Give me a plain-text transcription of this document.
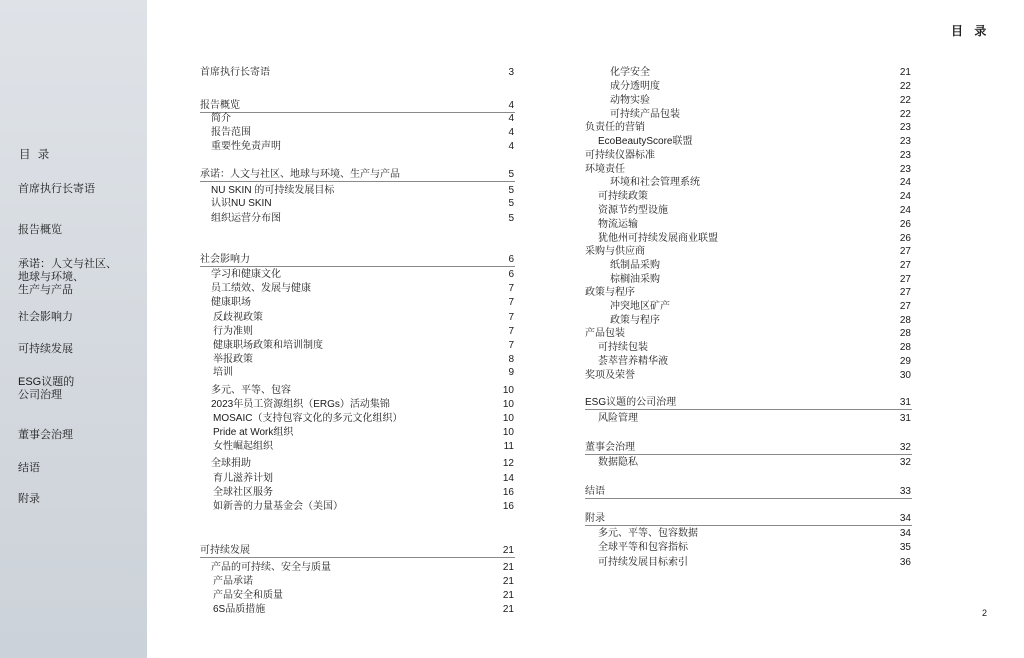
目 录
首席执行长寄语
报告概览
承诺：人文与社区、
地球与环境、
生产与产品
社会影响力
可持续发展
ESG议题的
公司治理
董事会治理
结语
附录
目 录
首席执行长寄语	3
报告概览	4
简介	4
报告范围	4
重要性免责声明	4
承诺：人文与社区、地球与环境、生产与产品	5
NU SKIN 的可持续发展目标	5
认识NU SKIN	5
组织运营分布图	5
社会影响力	6
学习和健康文化	6
员工绩效、发展与健康	7
健康职场	7
反歧视政策	7
行为准则	7
健康职场政策和培训制度	7
举报政策	8
培训	9
多元、平等、包容	10
2023年员工资源组织（ERGs）活动集锦	10
MOSAIC（支持包容文化的多元文化组织）	10
Pride at Work组织	10
女性崛起组织	11
全球捐助	12
育儿滋养计划	14
全球社区服务	16
如新善的力量基金会（美国）	16
可持续发展	21
产品的可持续、安全与质量	21
产品承诺	21
产品安全和质量	21
6S品质措施	21
化学安全	21
成分透明度	22
动物实验	22
可持续产品包装	22
负责任的营销	23
EcoBeautyScore联盟	23
可持续仪器标准	23
环境责任	23
环境和社会管理系统	24
可持续政策	24
资源节约型设施	24
物流运输	26
犹他州可持续发展商业联盟	26
采购与供应商	27
纸制品采购	27
棕榈油采购	27
政策与程序	27
冲突地区矿产	27
政策与程序	28
产品包装	28
可持续包装	28
荟萃营养精华液	29
奖项及荣誉	30
ESG议题的公司治理	31
风险管理	31
董事会治理	32
数据隐私	32
结语	33
附录	34
多元、平等、包容数据	34
全球平等和包容指标	35
可持续发展目标索引	36
2
